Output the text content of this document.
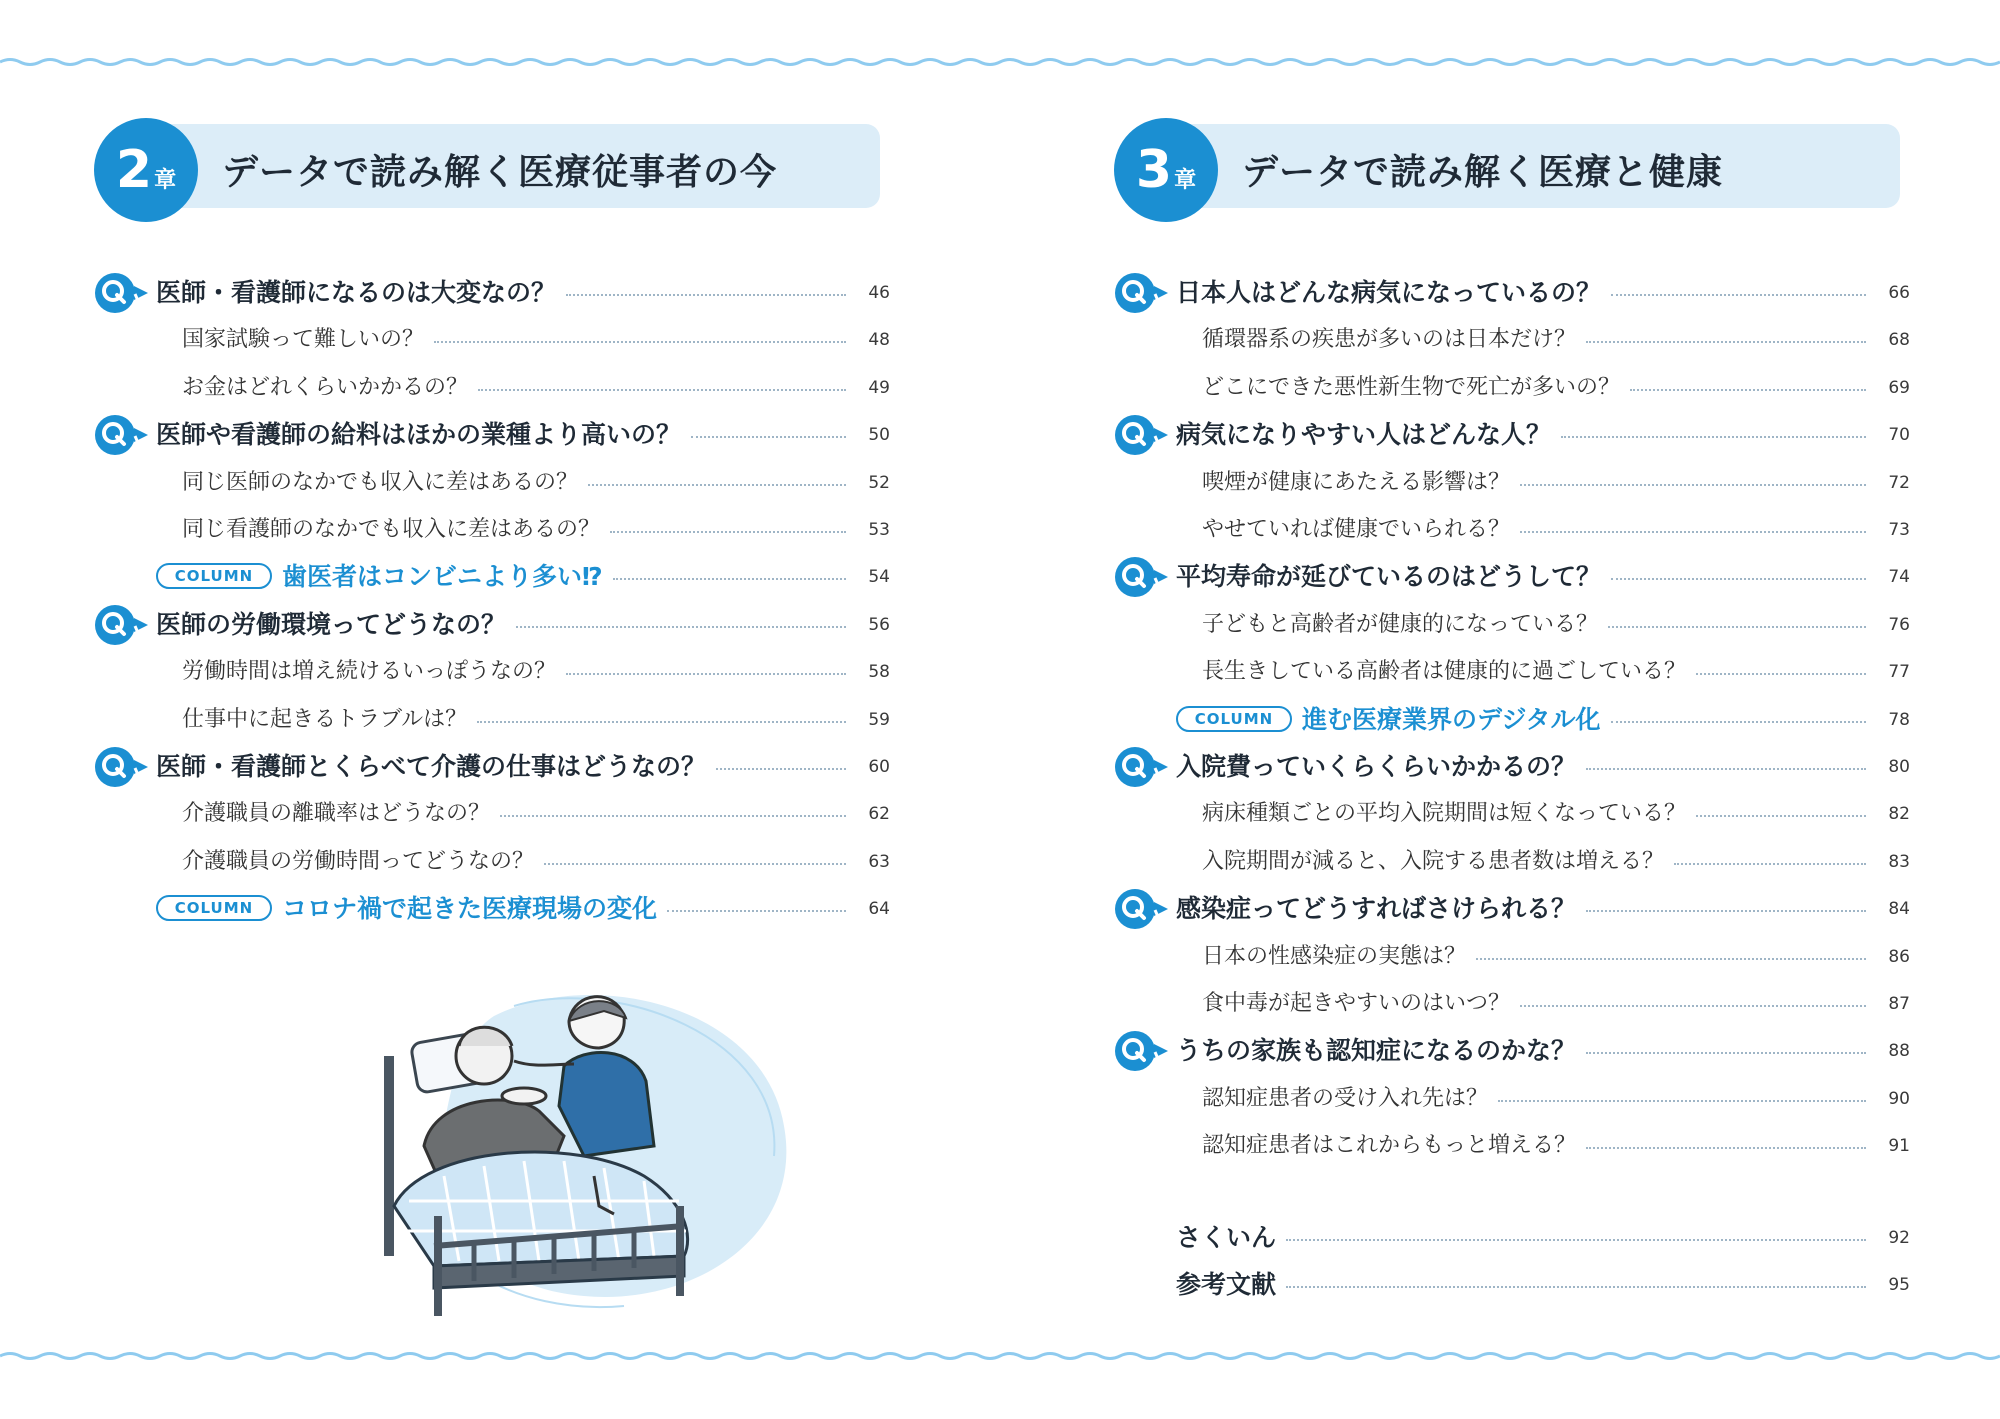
2 章 データで読み解く医療従事者の今
医師・看護師になるのは大変なの？	46
国家試験って難しいの？	48
お金はどれくらいかかるの？	49
医師や看護師の給料はほかの業種より高いの？	50
同じ医師のなかでも収入に差はあるの？	52
同じ看護師のなかでも収入に差はあるの？	53
COLUMN	歯医者はコンビニより多い⁉	54
医師の労働環境ってどうなの？	56
労働時間は増え続けるいっぽうなの？	58
仕事中に起きるトラブルは？	59
医師・看護師とくらべて介護の仕事はどうなの？	60
介護職員の離職率はどうなの？	62
介護職員の労働時間ってどうなの？	63
COLUMN	コロナ禍で起きた医療現場の変化	64
3 章 データで読み解く医療と健康
日本人はどんな病気になっているの？	66
循環器系の疾患が多いのは日本だけ？	68
どこにできた悪性新生物で死亡が多いの？	69
病気になりやすい人はどんな人？	70
喫煙が健康にあたえる影響は？	72
やせていれば健康でいられる？	73
平均寿命が延びているのはどうして？	74
子どもと高齢者が健康的になっている？	76
長生きしている高齢者は健康的に過ごしている？	77
COLUMN	進む医療業界のデジタル化	78
入院費っていくらくらいかかるの？	80
病床種類ごとの平均入院期間は短くなっている？	82
入院期間が減ると、入院する患者数は増える？	83
感染症ってどうすればさけられる？	84
日本の性感染症の実態は？	86
食中毒が起きやすいのはいつ？	87
うちの家族も認知症になるのかな？	88
認知症患者の受け入れ先は？	90
認知症患者はこれからもっと増える？	91
さくいん	92
参考文献	95
